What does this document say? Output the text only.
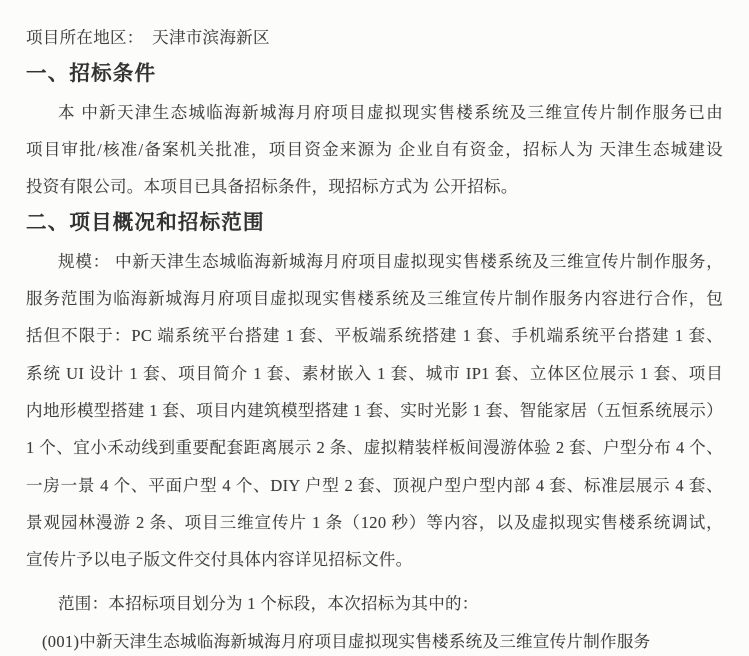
项目所在地区：　天津市滨海新区
一、招标条件
本 中新天津生态城临海新城海月府项目虚拟现实售楼系统及三维宣传片制作服务已由
项目审批/核准/备案机关批准，项目资金来源为 企业自有资金，招标人为 天津生态城建设
投资有限公司。本项目已具备招标条件，现招标方式为 公开招标。
二、项目概况和招标范围
规模： 中新天津生态城临海新城海月府项目虚拟现实售楼系统及三维宣传片制作服务，
服务范围为临海新城海月府项目虚拟现实售楼系统及三维宣传片制作服务内容进行合作，包
括但不限于：PC 端系统平台搭建 1 套、平板端系统搭建 1 套、手机端系统平台搭建 1 套、
系统 UI 设计 1 套、项目简介 1 套、素材嵌入 1 套、城市 IP1 套、立体区位展示 1 套、项目
内地形模型搭建 1 套、项目内建筑模型搭建 1 套、实时光影 1 套、智能家居（五恒系统展示）
1 个、宜小禾动线到重要配套距离展示 2 条、虚拟精装样板间漫游体验 2 套、户型分布 4 个、
一房一景 4 个、平面户型 4 个、DIY 户型 2 套、顶视户型户型内部 4 套、标准层展示 4 套、
景观园林漫游 2 条、项目三维宣传片 1 条（120 秒）等内容，以及虚拟现实售楼系统调试，
宣传片予以电子版文件交付具体内容详见招标文件。
范围：本招标项目划分为 1 个标段，本次招标为其中的：
(001)中新天津生态城临海新城海月府项目虚拟现实售楼系统及三维宣传片制作服务
